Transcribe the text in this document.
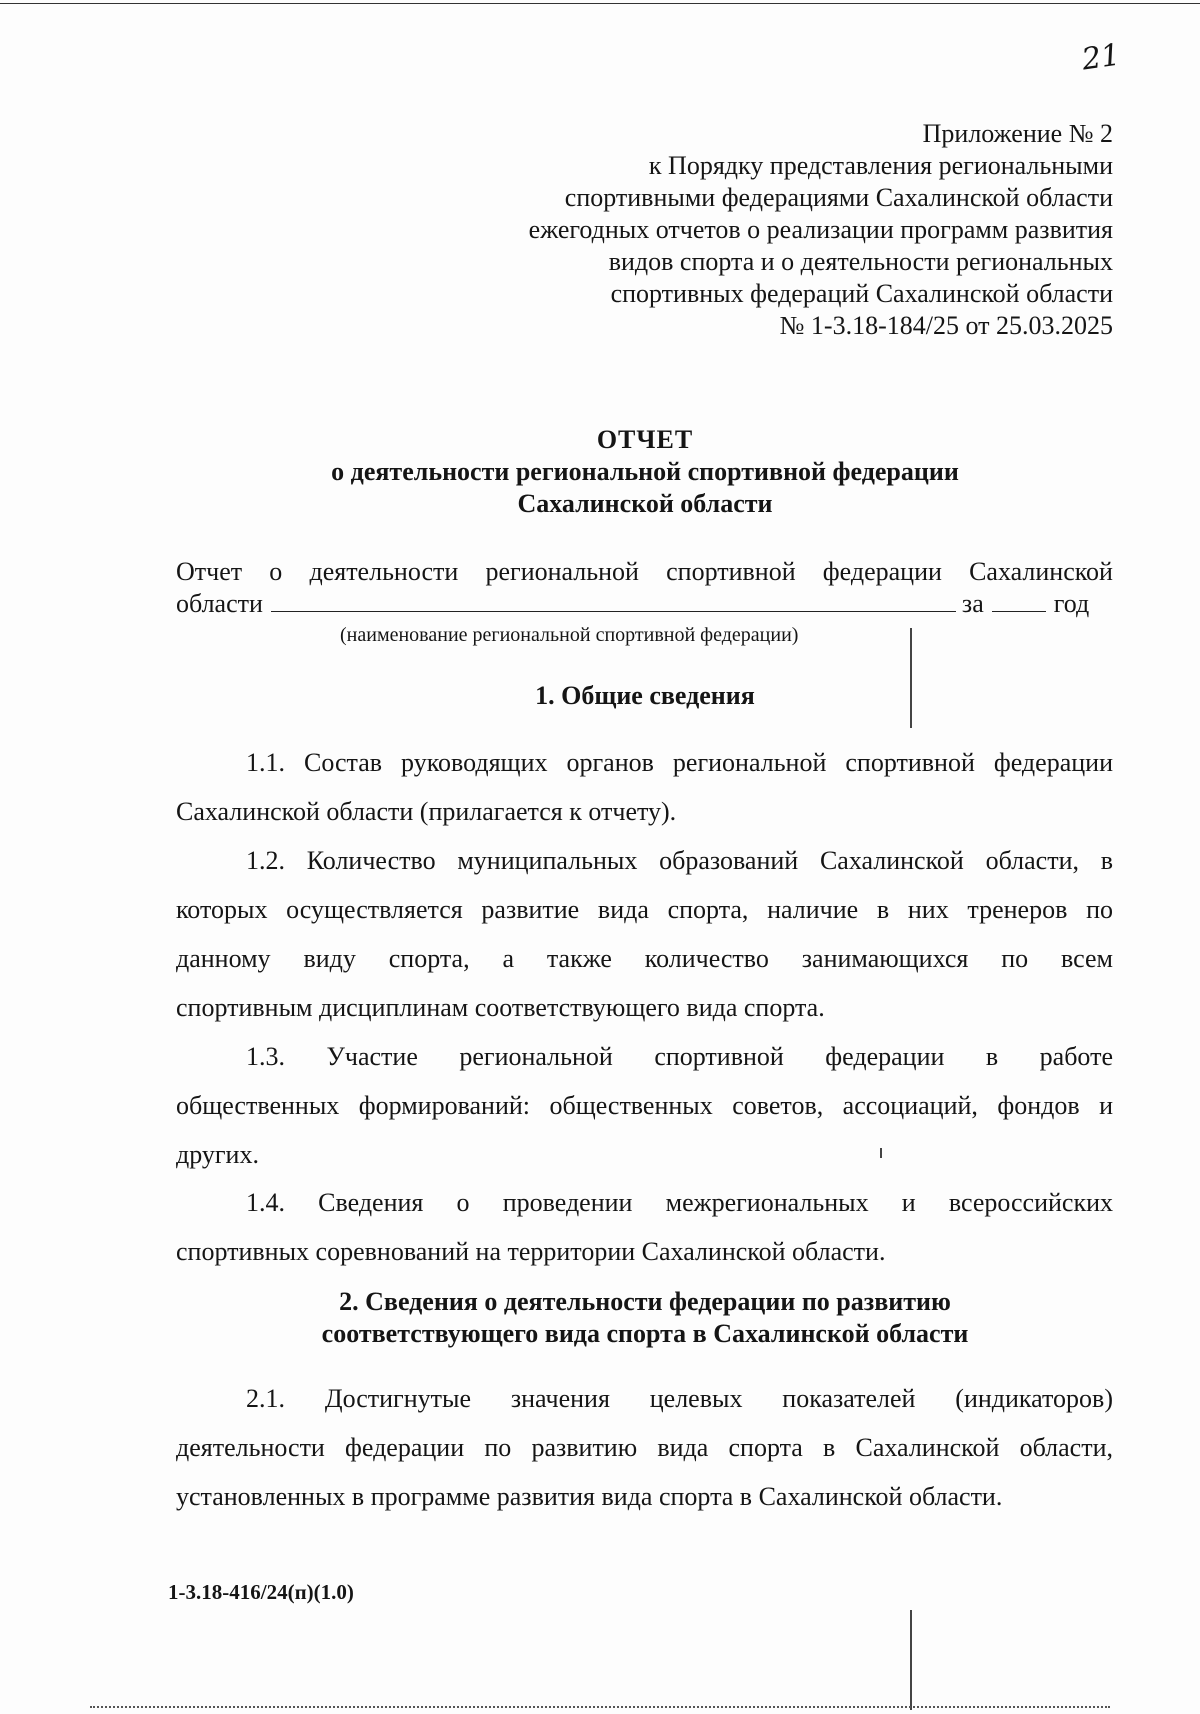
21
Приложение № 2
к Порядку представления региональными
спортивными федерациями Сахалинской области
ежегодных отчетов о реализации программ развития
видов спорта и о деятельности региональных
спортивных федераций Сахалинской области
№ 1-3.18-184/25 от 25.03.2025
ОТЧЕТ
о деятельности региональной спортивной федерации
Сахалинской области
Отчет о деятельности региональной спортивной федерации Сахалинской
области	за	год
(наименование региональной спортивной федерации)
1. Общие сведения
1.1. Состав руководящих органов региональной спортивной федерации
Сахалинской области (прилагается к отчету).
1.2. Количество муниципальных образований Сахалинской области, в
которых осуществляется развитие вида спорта, наличие в них тренеров по
данному виду спорта, а также количество занимающихся по всем
спортивным дисциплинам соответствующего вида спорта.
1.3. Участие региональной спортивной федерации в работе
общественных формирований: общественных советов, ассоциаций, фондов и
других.
1.4. Сведения о проведении межрегиональных и всероссийских
спортивных соревнований на территории Сахалинской области.
2. Сведения о деятельности федерации по развитию
соответствующего вида спорта в Сахалинской области
2.1. Достигнутые значения целевых показателей (индикаторов)
деятельности федерации по развитию вида спорта в Сахалинской области,
установленных в программе развития вида спорта в Сахалинской области.
1-3.18-416/24(п)(1.0)
